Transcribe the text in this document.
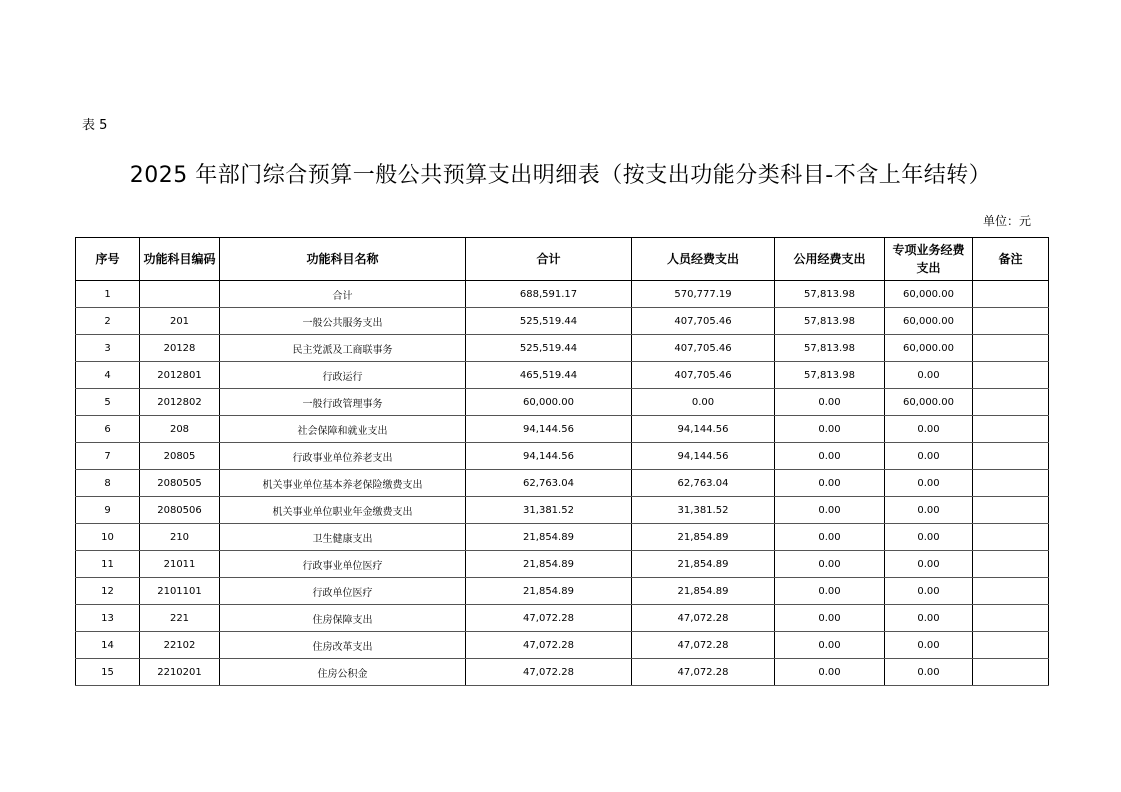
表 5
2025 年部门综合预算一般公共预算支出明细表（按支出功能分类科目-不含上年结转）
单位：元
序号	功能科目编码	功能科目名称	合计	人员经费支出	公用经费支出	专项业务经费支出	备注
1		合计	688,591.17	570,777.19	57,813.98	60,000.00	
2	201	一般公共服务支出	525,519.44	407,705.46	57,813.98	60,000.00	
3	20128	民主党派及工商联事务	525,519.44	407,705.46	57,813.98	60,000.00	
4	2012801	行政运行	465,519.44	407,705.46	57,813.98	0.00	
5	2012802	一般行政管理事务	60,000.00	0.00	0.00	60,000.00	
6	208	社会保障和就业支出	94,144.56	94,144.56	0.00	0.00	
7	20805	行政事业单位养老支出	94,144.56	94,144.56	0.00	0.00	
8	2080505	机关事业单位基本养老保险缴费支出	62,763.04	62,763.04	0.00	0.00	
9	2080506	机关事业单位职业年金缴费支出	31,381.52	31,381.52	0.00	0.00	
10	210	卫生健康支出	21,854.89	21,854.89	0.00	0.00	
11	21011	行政事业单位医疗	21,854.89	21,854.89	0.00	0.00	
12	2101101	行政单位医疗	21,854.89	21,854.89	0.00	0.00	
13	221	住房保障支出	47,072.28	47,072.28	0.00	0.00	
14	22102	住房改革支出	47,072.28	47,072.28	0.00	0.00	
15	2210201	住房公积金	47,072.28	47,072.28	0.00	0.00	
